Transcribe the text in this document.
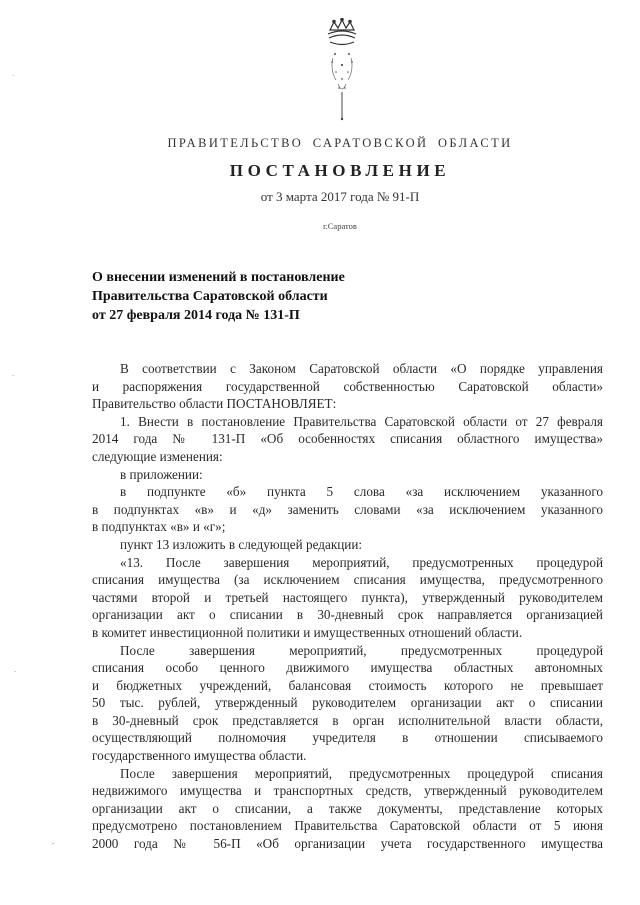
ПРАВИТЕЛЬСТВО САРАТОВСКОЙ ОБЛАСТИ
ПОСТАНОВЛЕНИЕ
от 3 марта 2017 года № 91-П
г.Саратов
О внесении изменений в постановление
Правительства Саратовской области
от 27 февраля 2014 года № 131-П
В соответствии с Законом Саратовской области «О порядке управления
и распоряжения государственной собственностью Саратовской области»
Правительство области ПОСТАНОВЛЯЕТ:
1. Внести в постановление Правительства Саратовской области от 27 февраля
2014 года № 131-П «Об особенностях списания областного имущества»
следующие изменения:
в приложении:
в подпункте «б» пункта 5 слова «за исключением указанного
в подпунктах «в» и «д» заменить словами «за исключением указанного
в подпунктах «в» и «г»;
пункт 13 изложить в следующей редакции:
«13. После завершения мероприятий, предусмотренных процедурой
списания имущества (за исключением списания имущества, предусмотренного
частями второй и третьей настоящего пункта), утвержденный руководителем
организации акт о списании в 30-дневный срок направляется организацией
в комитет инвестиционной политики и имущественных отношений области.
После завершения мероприятий, предусмотренных процедурой
списания особо ценного движимого имущества областных автономных
и бюджетных учреждений, балансовая стоимость которого не превышает
50 тыс. рублей, утвержденный руководителем организации акт о списании
в 30-дневный срок представляется в орган исполнительной власти области,
осуществляющий полномочия учредителя в отношении списываемого
государственного имущества области.
После завершения мероприятий, предусмотренных процедурой списания
недвижимого имущества и транспортных средств, утвержденный руководителем
организации акт о списании, а также документы, представление которых
предусмотрено постановлением Правительства Саратовской области от 5 июня
2000 года № 56-П «Об организации учета государственного имущества
·
·
·
-
